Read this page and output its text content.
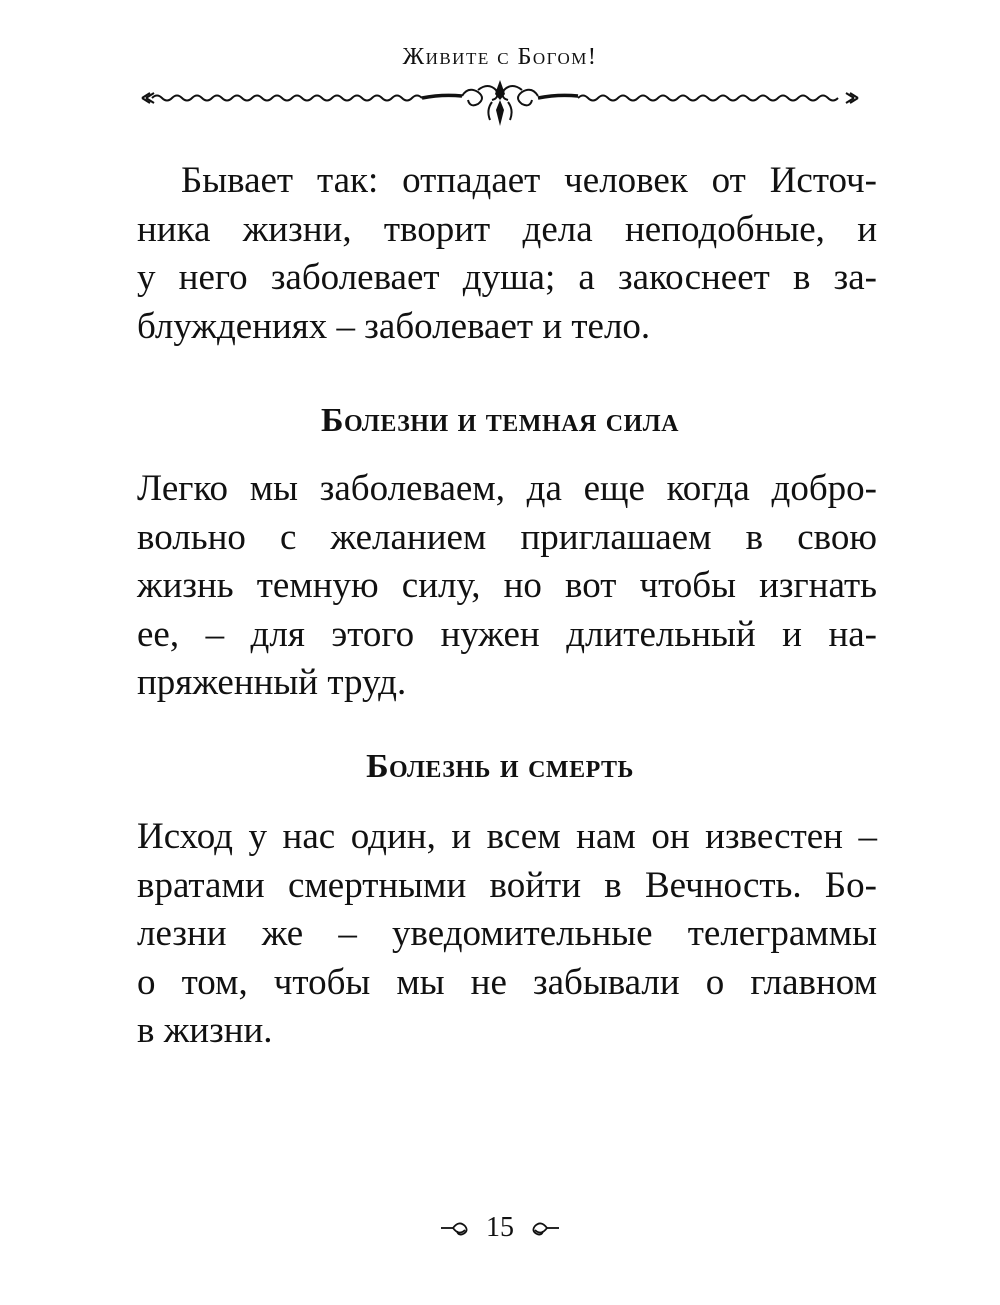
Живите с Богом!
Бывает так: отпадает человек от Источ-
ника жизни, творит дела неподобные, и
у него заболевает душа; а закоснеет в за-
блуждениях – заболевает и тело.
Болезни и темная сила
Легко мы заболеваем, да еще когда добро-
вольно с желанием приглашаем в свою
жизнь темную силу, но вот чтобы изгнать
ее, – для этого нужен длительный и на-
пряженный труд.
Болезнь и смерть
Исход у нас один, и всем нам он известен –
вратами смертными войти в Вечность. Бо-
лезни же – уведомительные телеграммы
о том, чтобы мы не забывали о главном
в жизни.
15
